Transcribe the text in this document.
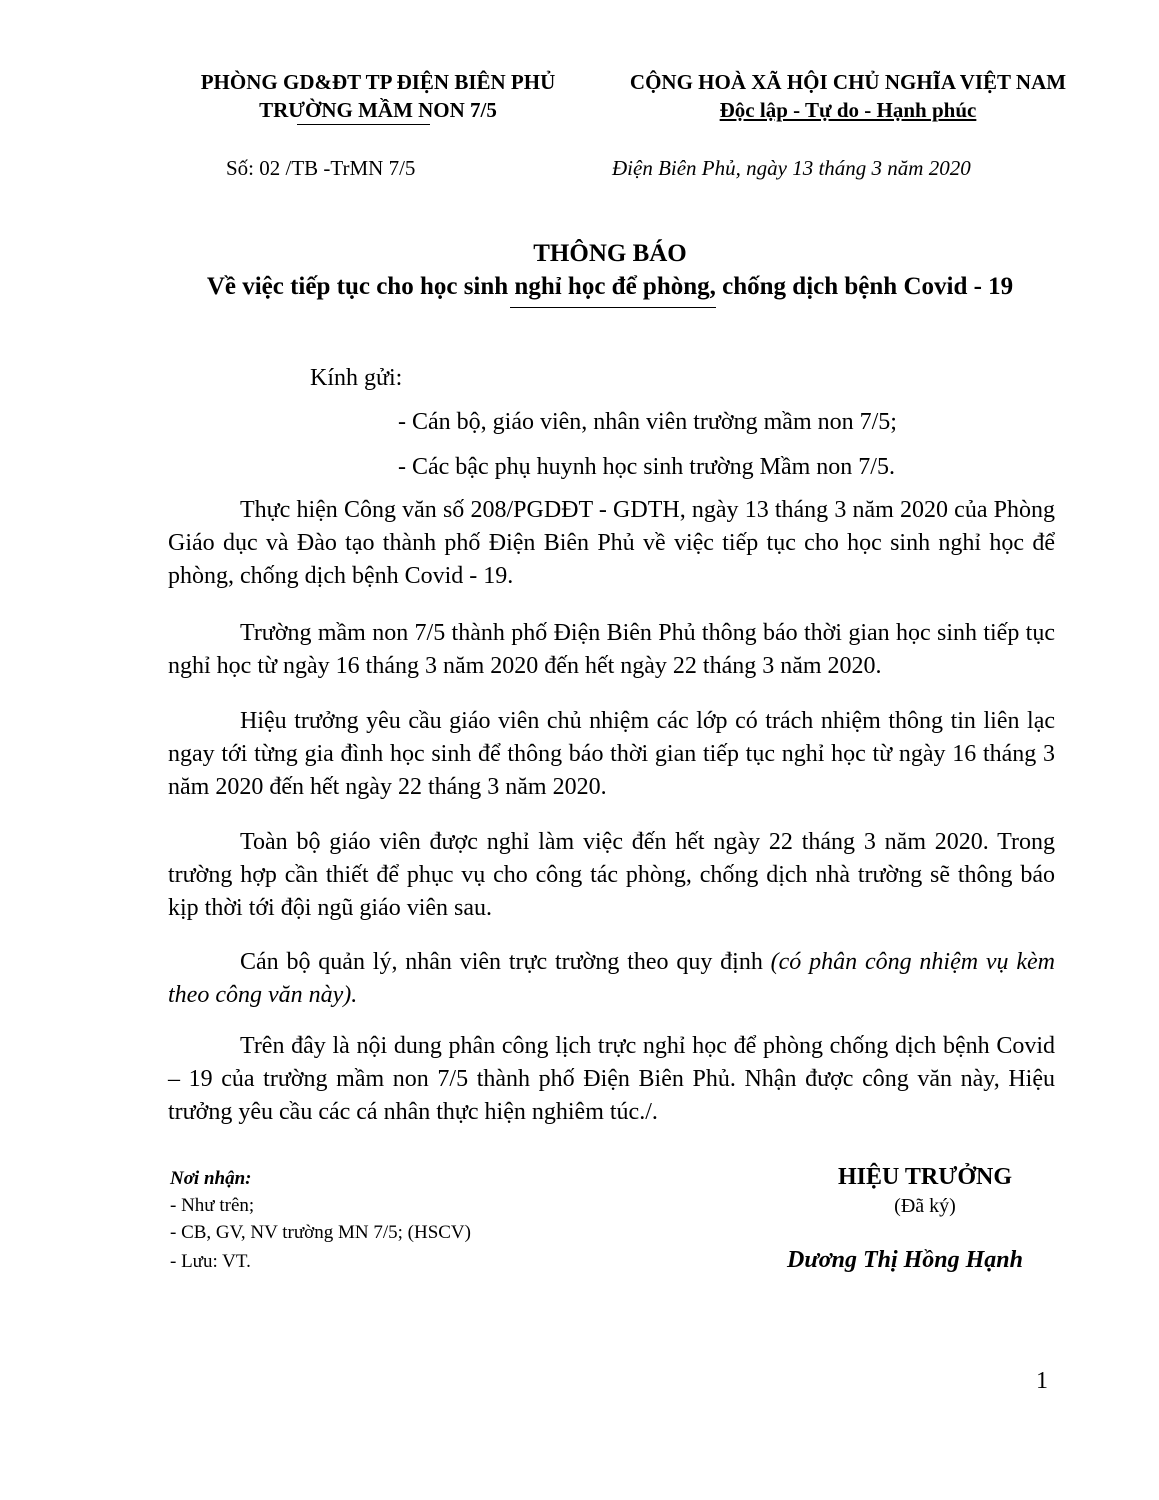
PHÒNG GD&ĐT TP ĐIỆN BIÊN PHỦ
TRƯỜNG MẦM NON 7/5
CỘNG HOÀ XÃ HỘI CHỦ NGHĨA VIỆT NAM
Độc lập - Tự do - Hạnh phúc
Số: 02 /TB -TrMN 7/5	Điện Biên Phủ, ngày 13 tháng 3 năm 2020
THÔNG BÁO
Về việc tiếp tục cho học sinh nghỉ học để phòng, chống dịch bệnh Covid - 19
Kính gửi:
- Cán bộ, giáo viên, nhân viên trường mầm non 7/5;
- Các bậc phụ huynh học sinh trường Mầm non 7/5.
Thực hiện Công văn số 208/PGDĐT - GDTH, ngày 13 tháng 3 năm 2020 của Phòng Giáo dục và Đào tạo thành phố Điện Biên Phủ về việc tiếp tục cho học sinh nghỉ học để phòng, chống dịch bệnh Covid - 19.
Trường mầm non 7/5 thành phố Điện Biên Phủ thông báo thời gian học sinh tiếp tục nghỉ học từ ngày 16 tháng 3 năm 2020 đến hết ngày 22 tháng 3 năm 2020.
Hiệu trưởng yêu cầu giáo viên chủ nhiệm các lớp có trách nhiệm thông tin liên lạc ngay tới từng gia đình học sinh để thông báo thời gian tiếp tục nghỉ học từ ngày 16 tháng 3 năm 2020 đến hết ngày 22 tháng 3 năm 2020.
Toàn bộ giáo viên được nghỉ làm việc đến hết ngày 22 tháng 3 năm 2020. Trong trường hợp cần thiết để phục vụ cho công tác phòng, chống dịch nhà trường sẽ thông báo kịp thời tới đội ngũ giáo viên sau.
Cán bộ quản lý, nhân viên trực trường theo quy định (có phân công nhiệm vụ kèm theo công văn này).
Trên đây là nội dung phân công lịch trực nghỉ học để phòng chống dịch bệnh Covid – 19 của trường mầm non 7/5 thành phố Điện Biên Phủ. Nhận được công văn này, Hiệu trưởng yêu cầu các cá nhân thực hiện nghiêm túc./.
Nơi nhận:
- Như trên;
- CB, GV, NV trường MN 7/5; (HSCV)
- Lưu: VT.
HIỆU TRƯỞNG
(Đã ký)
Dương Thị Hồng Hạnh
1
